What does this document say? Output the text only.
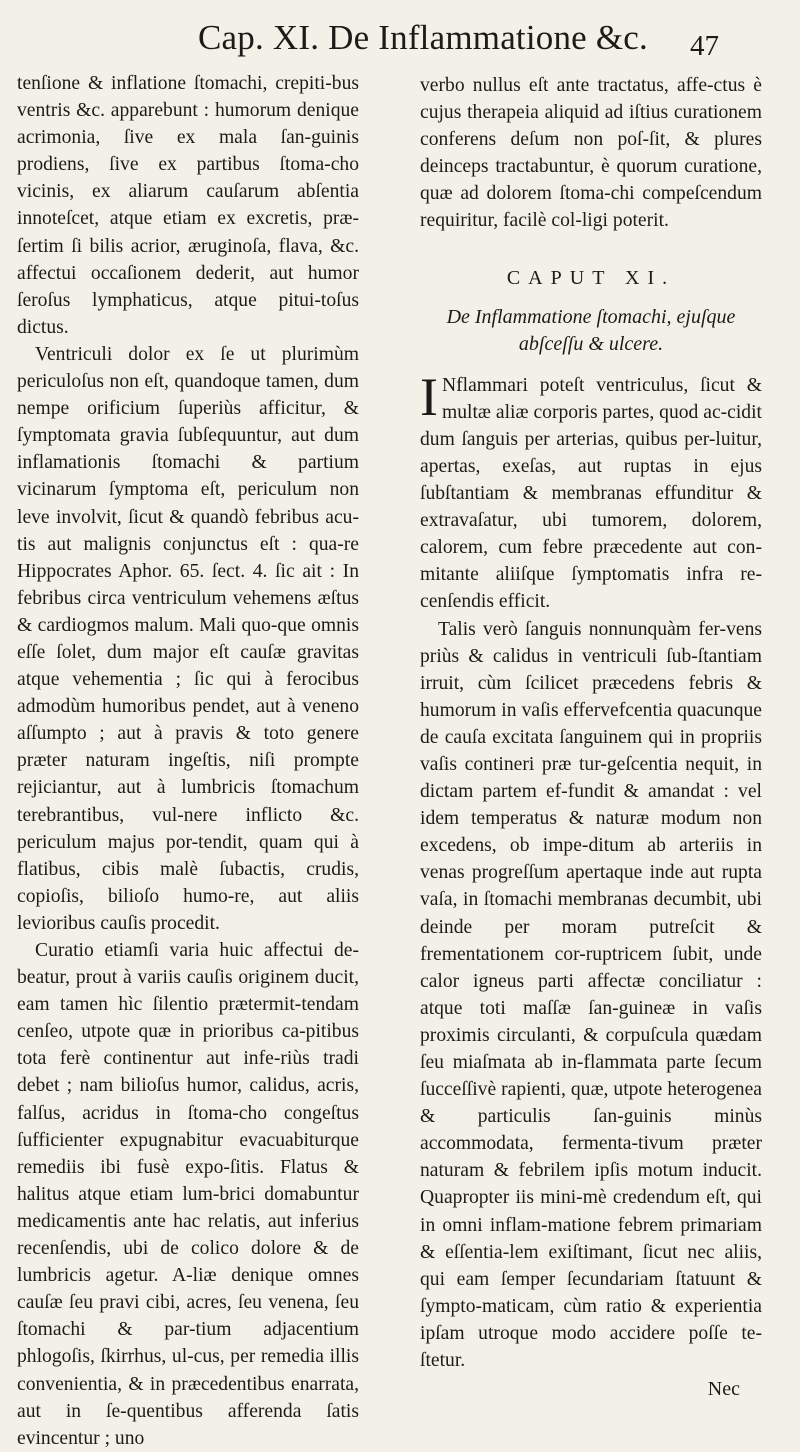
Cap. XI. De Inflammatione &c. 47

tenſione & inflatione ſtomachi, crepiti-bus ventris &c. apparebunt : humorum denique acrimonia, ſive ex mala ſan-guinis prodiens, ſive ex partibus ſtoma-cho vicinis, ex aliarum cauſarum abſentia innoteſcet, atque etiam ex excretis, præ-ſertim ſi bilis acrior, æruginoſa, flava, &c. affectui occaſionem dederit, aut humor ſeroſus lymphaticus, atque pitui-toſus dictus.

Ventriculi dolor ex ſe ut plurimùm periculoſus non eſt, quandoque tamen, dum nempe orificium ſuperiùs afficitur, & ſymptomata gravia ſubſequuntur, aut dum inflamationis ſtomachi & partium vicinarum ſymptoma eſt, periculum non leve involvit, ſicut & quandò febribus acu-tis aut malignis conjunctus eſt : qua-re Hippocrates Aphor. 65. ſect. 4. ſic ait : In febribus circa ventriculum vehemens æſtus & cardiogmos malum. Mali quo-que omnis eſſe ſolet, dum major eſt cauſæ gravitas atque vehementia ; ſic qui à ferocibus admodùm humoribus pendet, aut à veneno aſſumpto ; aut à pravis & toto genere præter naturam ingeſtis, niſi prompte rejiciantur, aut à lumbricis ſtomachum terebrantibus, vul-nere inflicto &c. periculum majus por-tendit, quam qui à flatibus, cibis malè ſubactis, crudis, copioſis, bilioſo humo-re, aut aliis levioribus cauſis procedit.

Curatio etiamſi varia huic affectui de-beatur, prout à variis cauſis originem ducit, eam tamen hìc ſilentio prætermit-tendam cenſeo, utpote quæ in prioribus ca-pitibus tota ferè continentur aut infe-riùs tradi debet ; nam bilioſus humor, calidus, acris, falſus, acridus in ſtoma-cho congeſtus ſufficienter expugnabitur evacuabiturque remediis ibi fusè expo-ſitis. Flatus & halitus atque etiam lum-brici domabuntur medicamentis ante hac relatis, aut inferius recenſendis, ubi de colico dolore & de lumbricis agetur. A-liæ denique omnes cauſæ ſeu pravi cibi, acres, ſeu venena, ſeu ſtomachi & par-tium adjacentium phlogoſis, ſkirrhus, ul-cus, per remedia illis convenientia, & in præcedentibus enarrata, aut in ſe-quentibus afferenda ſatis evincentur ; uno

verbo nullus eſt ante tractatus, affe-ctus è cujus therapeia aliquid ad iſtius curationem conferens deſum non poſ-ſit, & plures deinceps tractabuntur, è quorum curatione, quæ ad dolorem ſtoma-chi compeſcendum requiritur, facilè col-ligi poterit.

CAPUT XI.
De Inflammatione ſtomachi, ejuſque abſceſſu & ulcere.

I Nflammari poteſt ventriculus, ſicut & multæ aliæ corporis partes, quod ac-cidit dum ſanguis per arterias, quibus per-luitur, apertas, exeſas, aut ruptas in ejus ſubſtantiam & membranas effunditur & extravaſatur, ubi tumorem, dolorem, calorem, cum febre præcedente aut con-mitante aliiſque ſymptomatis infra re-cenſendis efficit.

Talis verò ſanguis nonnunquàm fer-vens priùs & calidus in ventriculi ſub-ſtantiam irruit, cùm ſcilicet præcedens febris & humorum in vaſis effervefcentia quacunque de cauſa excitata ſanguinem qui in propriis vaſis contineri præ tur-geſcentia nequit, in dictam partem ef-fundit & amandat : vel idem temperatus & naturæ modum non excedens, ob impe-ditum ab arteriis in venas progreſſum apertaque inde aut rupta vaſa, in ſtomachi membranas decumbit, ubi deinde per moram putreſcit & frementationem cor-ruptricem ſubit, unde calor igneus parti affectæ conciliatur : atque toti maſſæ ſan-guineæ in vaſis proximis circulanti, & corpuſcula quædam ſeu miaſmata ab in-flammata parte ſecum ſucceſſivè rapienti, quæ, utpote heterogenea & particulis ſan-guinis minùs accommodata, fermenta-tivum præter naturam & febrilem ipſis motum inducit. Quapropter iis mini-mè credendum eſt, qui in omni inflam-matione febrem primariam & eſſentia-lem exiſtimant, ſicut nec aliis, qui eam ſemper ſecundariam ſtatuunt & ſympto-maticam, cùm ratio & experientia ipſam utroque modo accidere poſſe te-ſtetur.

Nec
